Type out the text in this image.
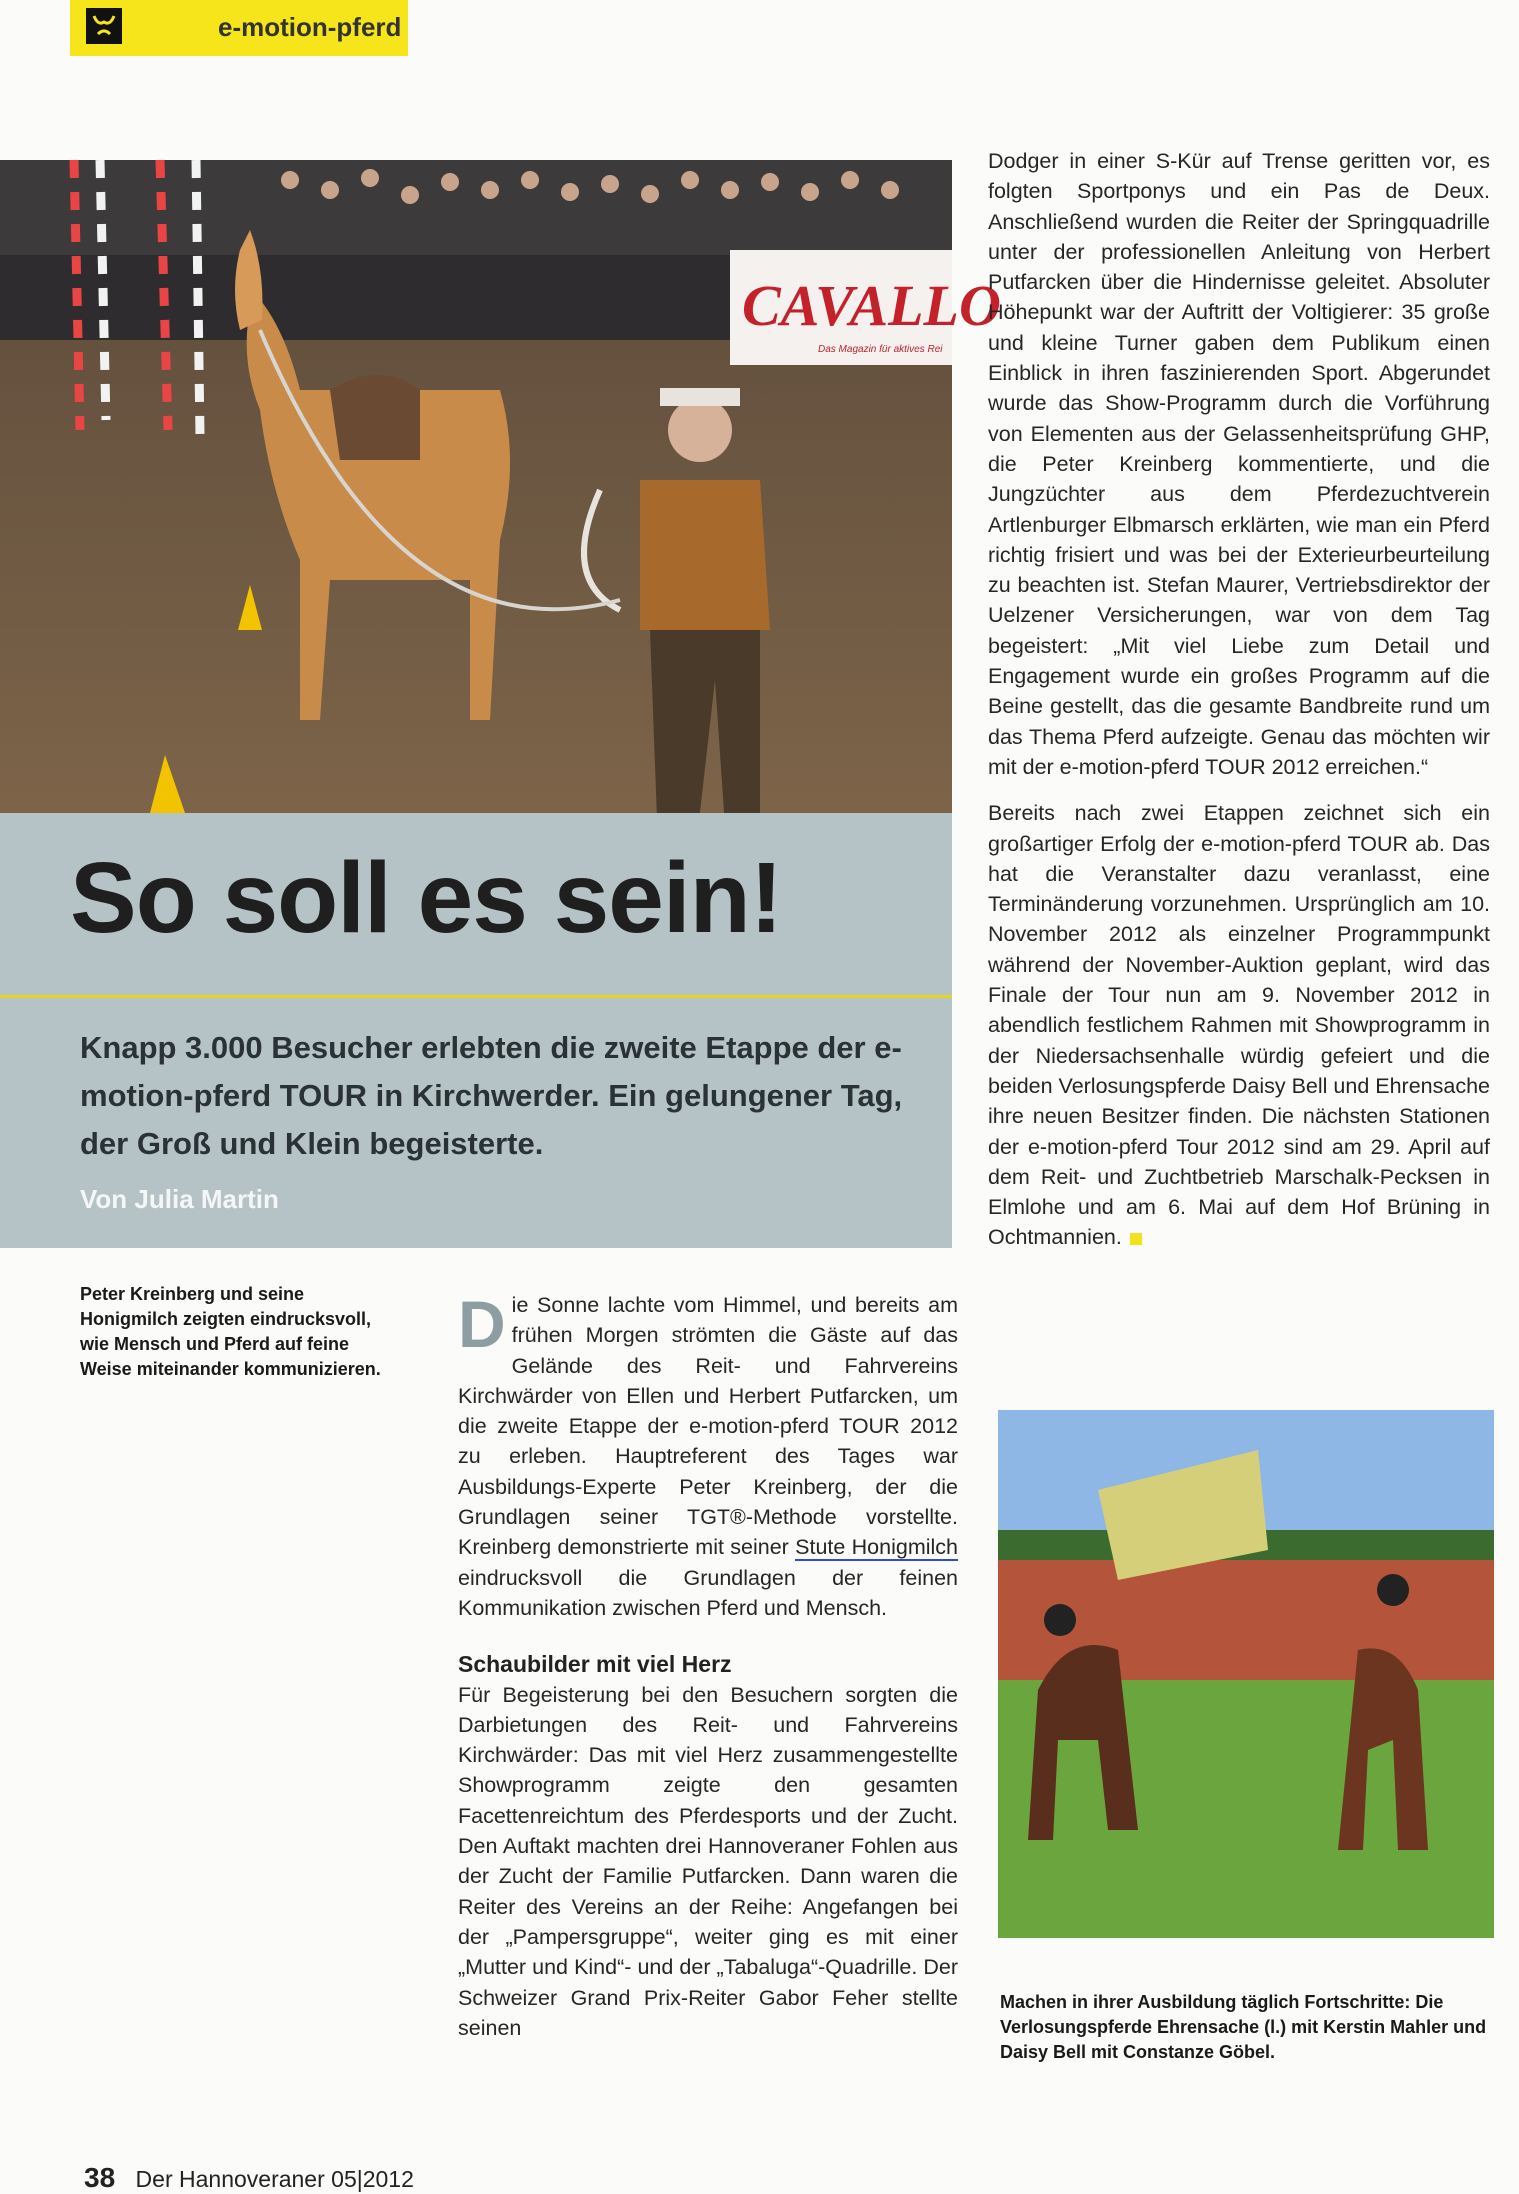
e-motion-pferd
CAVALLO
Das Magazin für aktives Rei
So soll es sein!

Knapp 3.000 Besucher erlebten die zweite Etappe der e-motion-pferd TOUR in Kirchwerder. Ein gelungener Tag, der Groß und Klein begeisterte.

Von Julia Martin

Peter Kreinberg und seine Honigmilch zeigten eindrucksvoll, wie Mensch und Pferd auf feine Weise miteinander kommunizieren.

Die Sonne lachte vom Himmel, und bereits am frühen Morgen strömten die Gäste auf das Gelände des Reit- und Fahrvereins Kirchwärder von Ellen und Herbert Putfarcken, um die zweite Etappe der e-motion-pferd TOUR 2012 zu erleben. Hauptreferent des Tages war Ausbildungs-Experte Peter Kreinberg, der die Grundlagen seiner TGT®-Methode vorstellte. Kreinberg demonstrierte mit seiner Stute Honigmilch eindrucksvoll die Grundlagen der feinen Kommunikation zwischen Pferd und Mensch.

Schaubilder mit viel Herz

Für Begeisterung bei den Besuchern sorgten die Darbietungen des Reit- und Fahrvereins Kirchwärder: Das mit viel Herz zusammengestellte Showprogramm zeigte den gesamten Facettenreichtum des Pferdesports und der Zucht. Den Auftakt machten drei Hannoveraner Fohlen aus der Zucht der Familie Putfarcken. Dann waren die Reiter des Vereins an der Reihe: Angefangen bei der „Pampersgruppe“, weiter ging es mit einer „Mutter und Kind“- und der „Tabaluga“-Quadrille. Der Schweizer Grand Prix-Reiter Gabor Feher stellte seinen

Dodger in einer S-Kür auf Trense geritten vor, es folgten Sportponys und ein Pas de Deux. Anschließend wurden die Reiter der Springquadrille unter der professionellen Anleitung von Herbert Putfarcken über die Hindernisse geleitet. Absoluter Höhepunkt war der Auftritt der Voltigierer: 35 große und kleine Turner gaben dem Publikum einen Einblick in ihren faszinierenden Sport. Abgerundet wurde das Show-Programm durch die Vorführung von Elementen aus der Gelassenheitsprüfung GHP, die Peter Kreinberg kommentierte, und die Jungzüchter aus dem Pferdezuchtverein Artlenburger Elbmarsch erklärten, wie man ein Pferd richtig frisiert und was bei der Exterieurbeurteilung zu beachten ist. Stefan Maurer, Vertriebsdirektor der Uelzener Versicherungen, war von dem Tag begeistert: „Mit viel Liebe zum Detail und Engagement wurde ein großes Programm auf die Beine gestellt, das die gesamte Bandbreite rund um das Thema Pferd aufzeigte. Genau das möchten wir mit der e-motion-pferd TOUR 2012 erreichen.“

Bereits nach zwei Etappen zeichnet sich ein großartiger Erfolg der e-motion-pferd TOUR ab. Das hat die Veranstalter dazu veranlasst, eine Terminänderung vorzunehmen. Ursprünglich am 10. November 2012 als einzelner Programmpunkt während der November-Auktion geplant, wird das Finale der Tour nun am 9. November 2012 in abendlich festlichem Rahmen mit Showprogramm in der Niedersachsenhalle würdig gefeiert und die beiden Verlosungspferde Daisy Bell und Ehrensache ihre neuen Besitzer finden. Die nächsten Stationen der e-motion-pferd Tour 2012 sind am 29. April auf dem Reit- und Zuchtbetrieb Marschalk-Pecksen in Elmlohe und am 6. Mai auf dem Hof Brüning in Ochtmannien.

Machen in ihrer Ausbildung täglich Fortschritte: Die Verlosungspferde Ehrensache (l.) mit Kerstin Mahler und Daisy Bell mit Constanze Göbel.

38 Der Hannoveraner 05|2012
